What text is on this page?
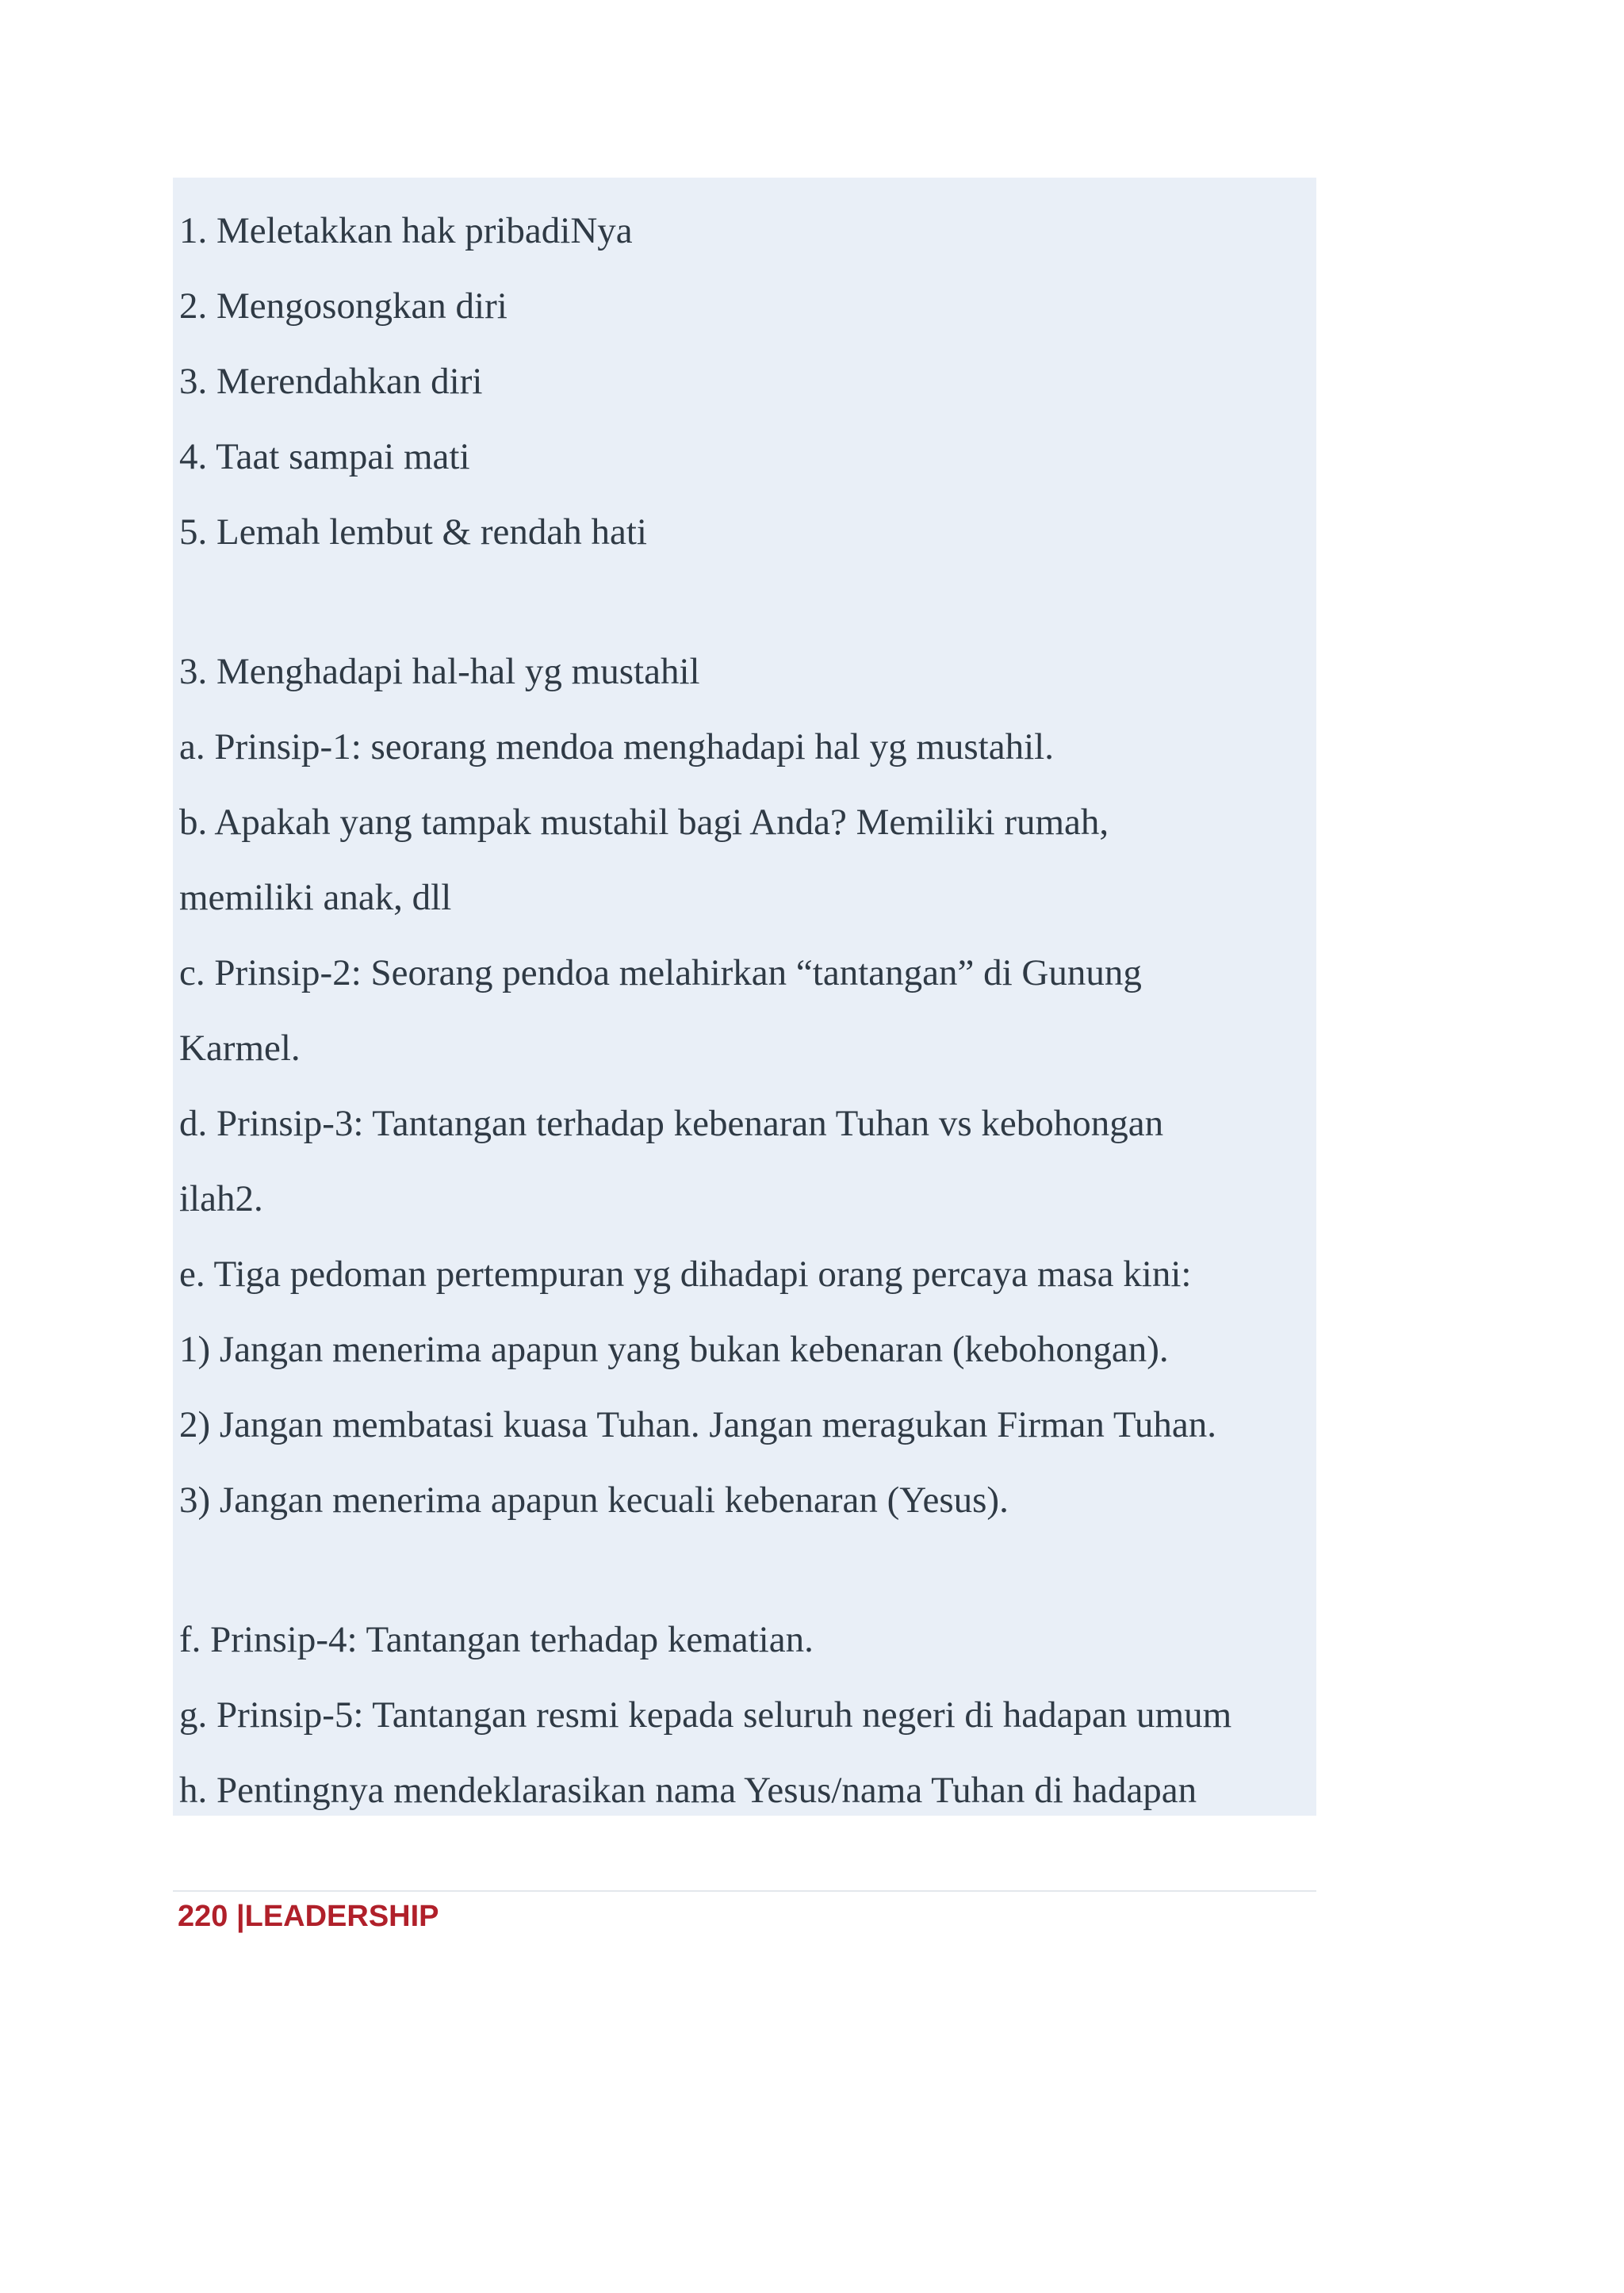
1. Meletakkan hak pribadiNya
2. Mengosongkan diri
3. Merendahkan diri
4. Taat sampai mati
5. Lemah lembut & rendah hati
3. Menghadapi hal-hal yg mustahil
a. Prinsip-1: seorang mendoa menghadapi hal yg mustahil.
b. Apakah yang tampak mustahil bagi Anda? Memiliki rumah,
memiliki anak, dll
c. Prinsip-2: Seorang pendoa melahirkan “tantangan” di Gunung
Karmel.
d. Prinsip-3: Tantangan terhadap kebenaran Tuhan vs kebohongan
ilah2.
e. Tiga pedoman pertempuran yg dihadapi orang percaya masa kini:
1) Jangan menerima apapun yang bukan kebenaran (kebohongan).
2) Jangan membatasi kuasa Tuhan. Jangan meragukan Firman Tuhan.
3) Jangan menerima apapun kecuali kebenaran (Yesus).
f. Prinsip-4: Tantangan terhadap kematian.
g. Prinsip-5: Tantangan resmi kepada seluruh negeri di hadapan umum
h. Pentingnya mendeklarasikan nama Yesus/nama Tuhan di hadapan
220 |LEADERSHIP
